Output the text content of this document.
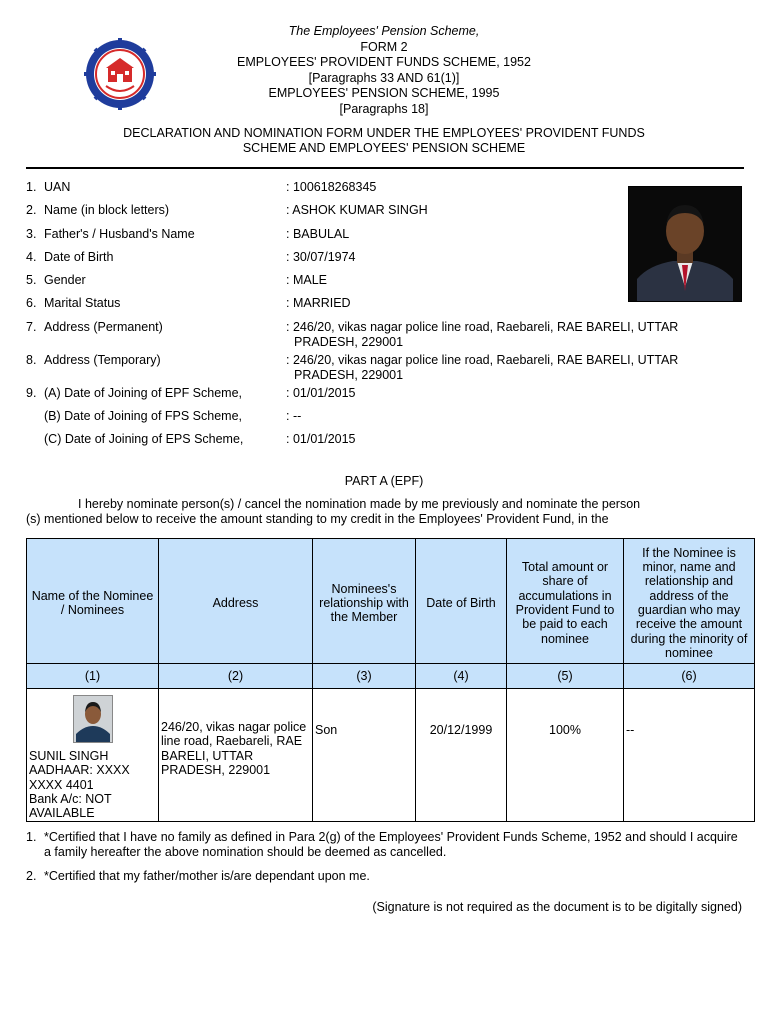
The Employees' Pension Scheme,
FORM 2
EMPLOYEES' PROVIDENT FUNDS SCHEME, 1952
[Paragraphs 33 AND 61(1)]
EMPLOYEES' PENSION SCHEME, 1995
[Paragraphs 18]
DECLARATION AND NOMINATION FORM UNDER THE EMPLOYEES' PROVIDENT FUNDS
SCHEME AND EMPLOYEES' PENSION SCHEME
1. UAN	: 100618268345
2. Name (in block letters)	: ASHOK KUMAR SINGH
3. Father's / Husband's Name	: BABULAL
4. Date of Birth	: 30/07/1974
5. Gender	: MALE
6. Marital Status	: MARRIED
7. Address (Permanent)	: 246/20, vikas nagar police line road, Raebareli, RAE BARELI, UTTAR
PRADESH, 229001
8. Address (Temporary)	: 246/20, vikas nagar police line road, Raebareli, RAE BARELI, UTTAR
PRADESH, 229001
9. (A) Date of Joining of EPF Scheme,	: 01/01/2015
(B) Date of Joining of FPS Scheme,	: --
(C) Date of Joining of EPS Scheme,	: 01/01/2015
PART A (EPF)
I hereby nominate person(s) / cancel the nomination made by me previously and nominate the person
(s) mentioned below to receive the amount standing to my credit in the Employees' Provident Fund, in the
Name of the Nominee / Nominees	Address	Nominees's relationship with the Member	Date of Birth	Total amount or share of accumulations in Provident Fund to be paid to each nominee	If the Nominee is minor, name and relationship and address of the guardian who may receive the amount during the minority of nominee
(1)	(2)	(3)	(4)	(5)	(6)

SUNIL SINGH
AADHAAR: XXXX
XXXX 4401
Bank A/c: NOT
AVAILABLE	246/20, vikas nagar police line road, Raebareli, RAE BARELI, UTTAR PRADESH, 229001	Son	20/12/1999	100%	--
1. *Certified that I have no family as defined in Para 2(g) of the Employees' Provident Funds Scheme, 1952 and should I acquire a family hereafter the above nomination should be deemed as cancelled.
2. *Certified that my father/mother is/are dependant upon me.
(Signature is not required as the document is to be digitally signed)
